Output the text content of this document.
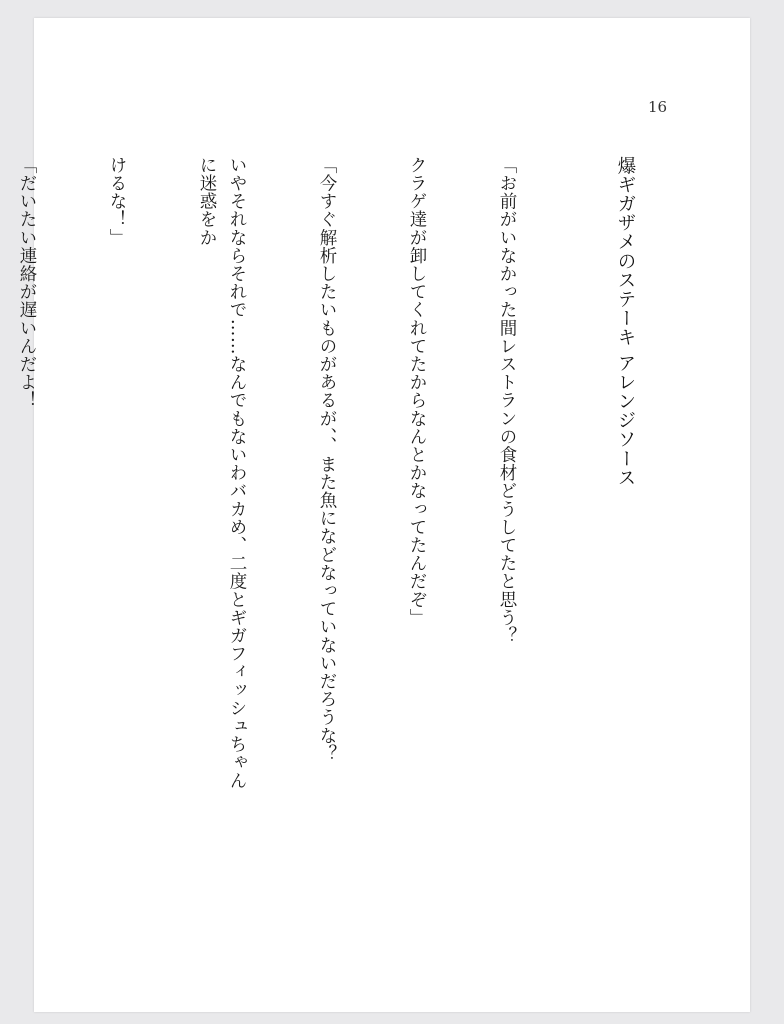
16

爆ギガザメのステーキ アレンジソース

「お前がいなかった間レストランの食材どうしてたと思う？

クラゲ達が卸してくれてたからなんとかなってたんだぞ」

「今すぐ解析したいものがあるが、、また魚になどなっていないだろうな？

いやそれならそれで……なんでもないわバカめ、二度とギガフィッシュちゃんに迷惑をか

けるな！」

「だいたい連絡が遅いんだよ！
